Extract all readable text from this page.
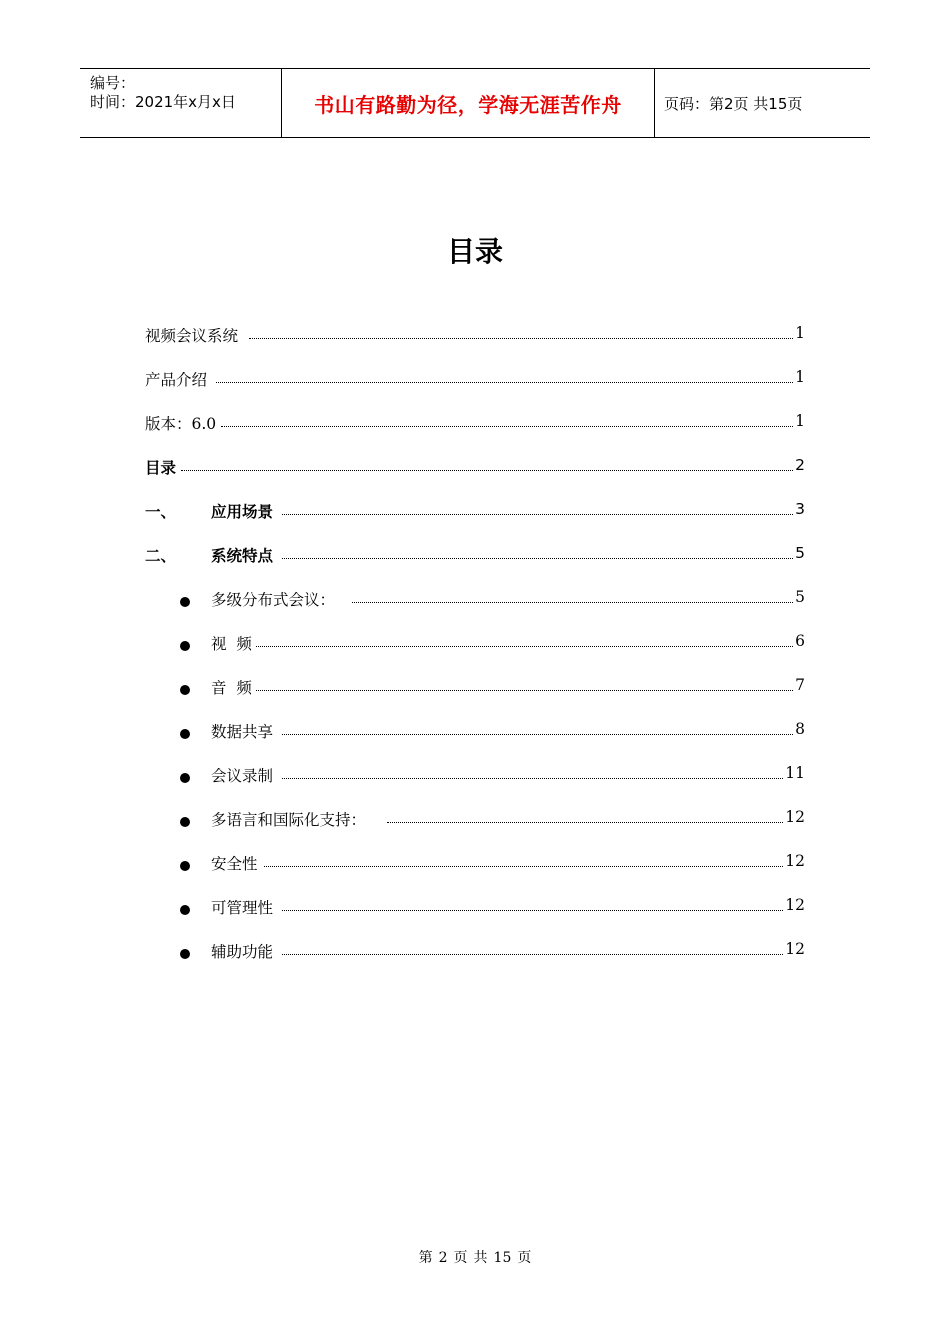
编号：
时间：2021年x月x日	书山有路勤为径，学海无涯苦作舟	页码：第2页 共15页
目录
视频会议系统	1
产品介绍	1
版本：6.0	1
目录	2
一、 应用场景	3
二、 系统特点	5
多级分布式会议：	5
视  频	6
音  频	7
数据共享	8
会议录制	11
多语言和国际化支持：	12
安全性	12
可管理性	12
辅助功能	12
第 2 页 共 15 页
